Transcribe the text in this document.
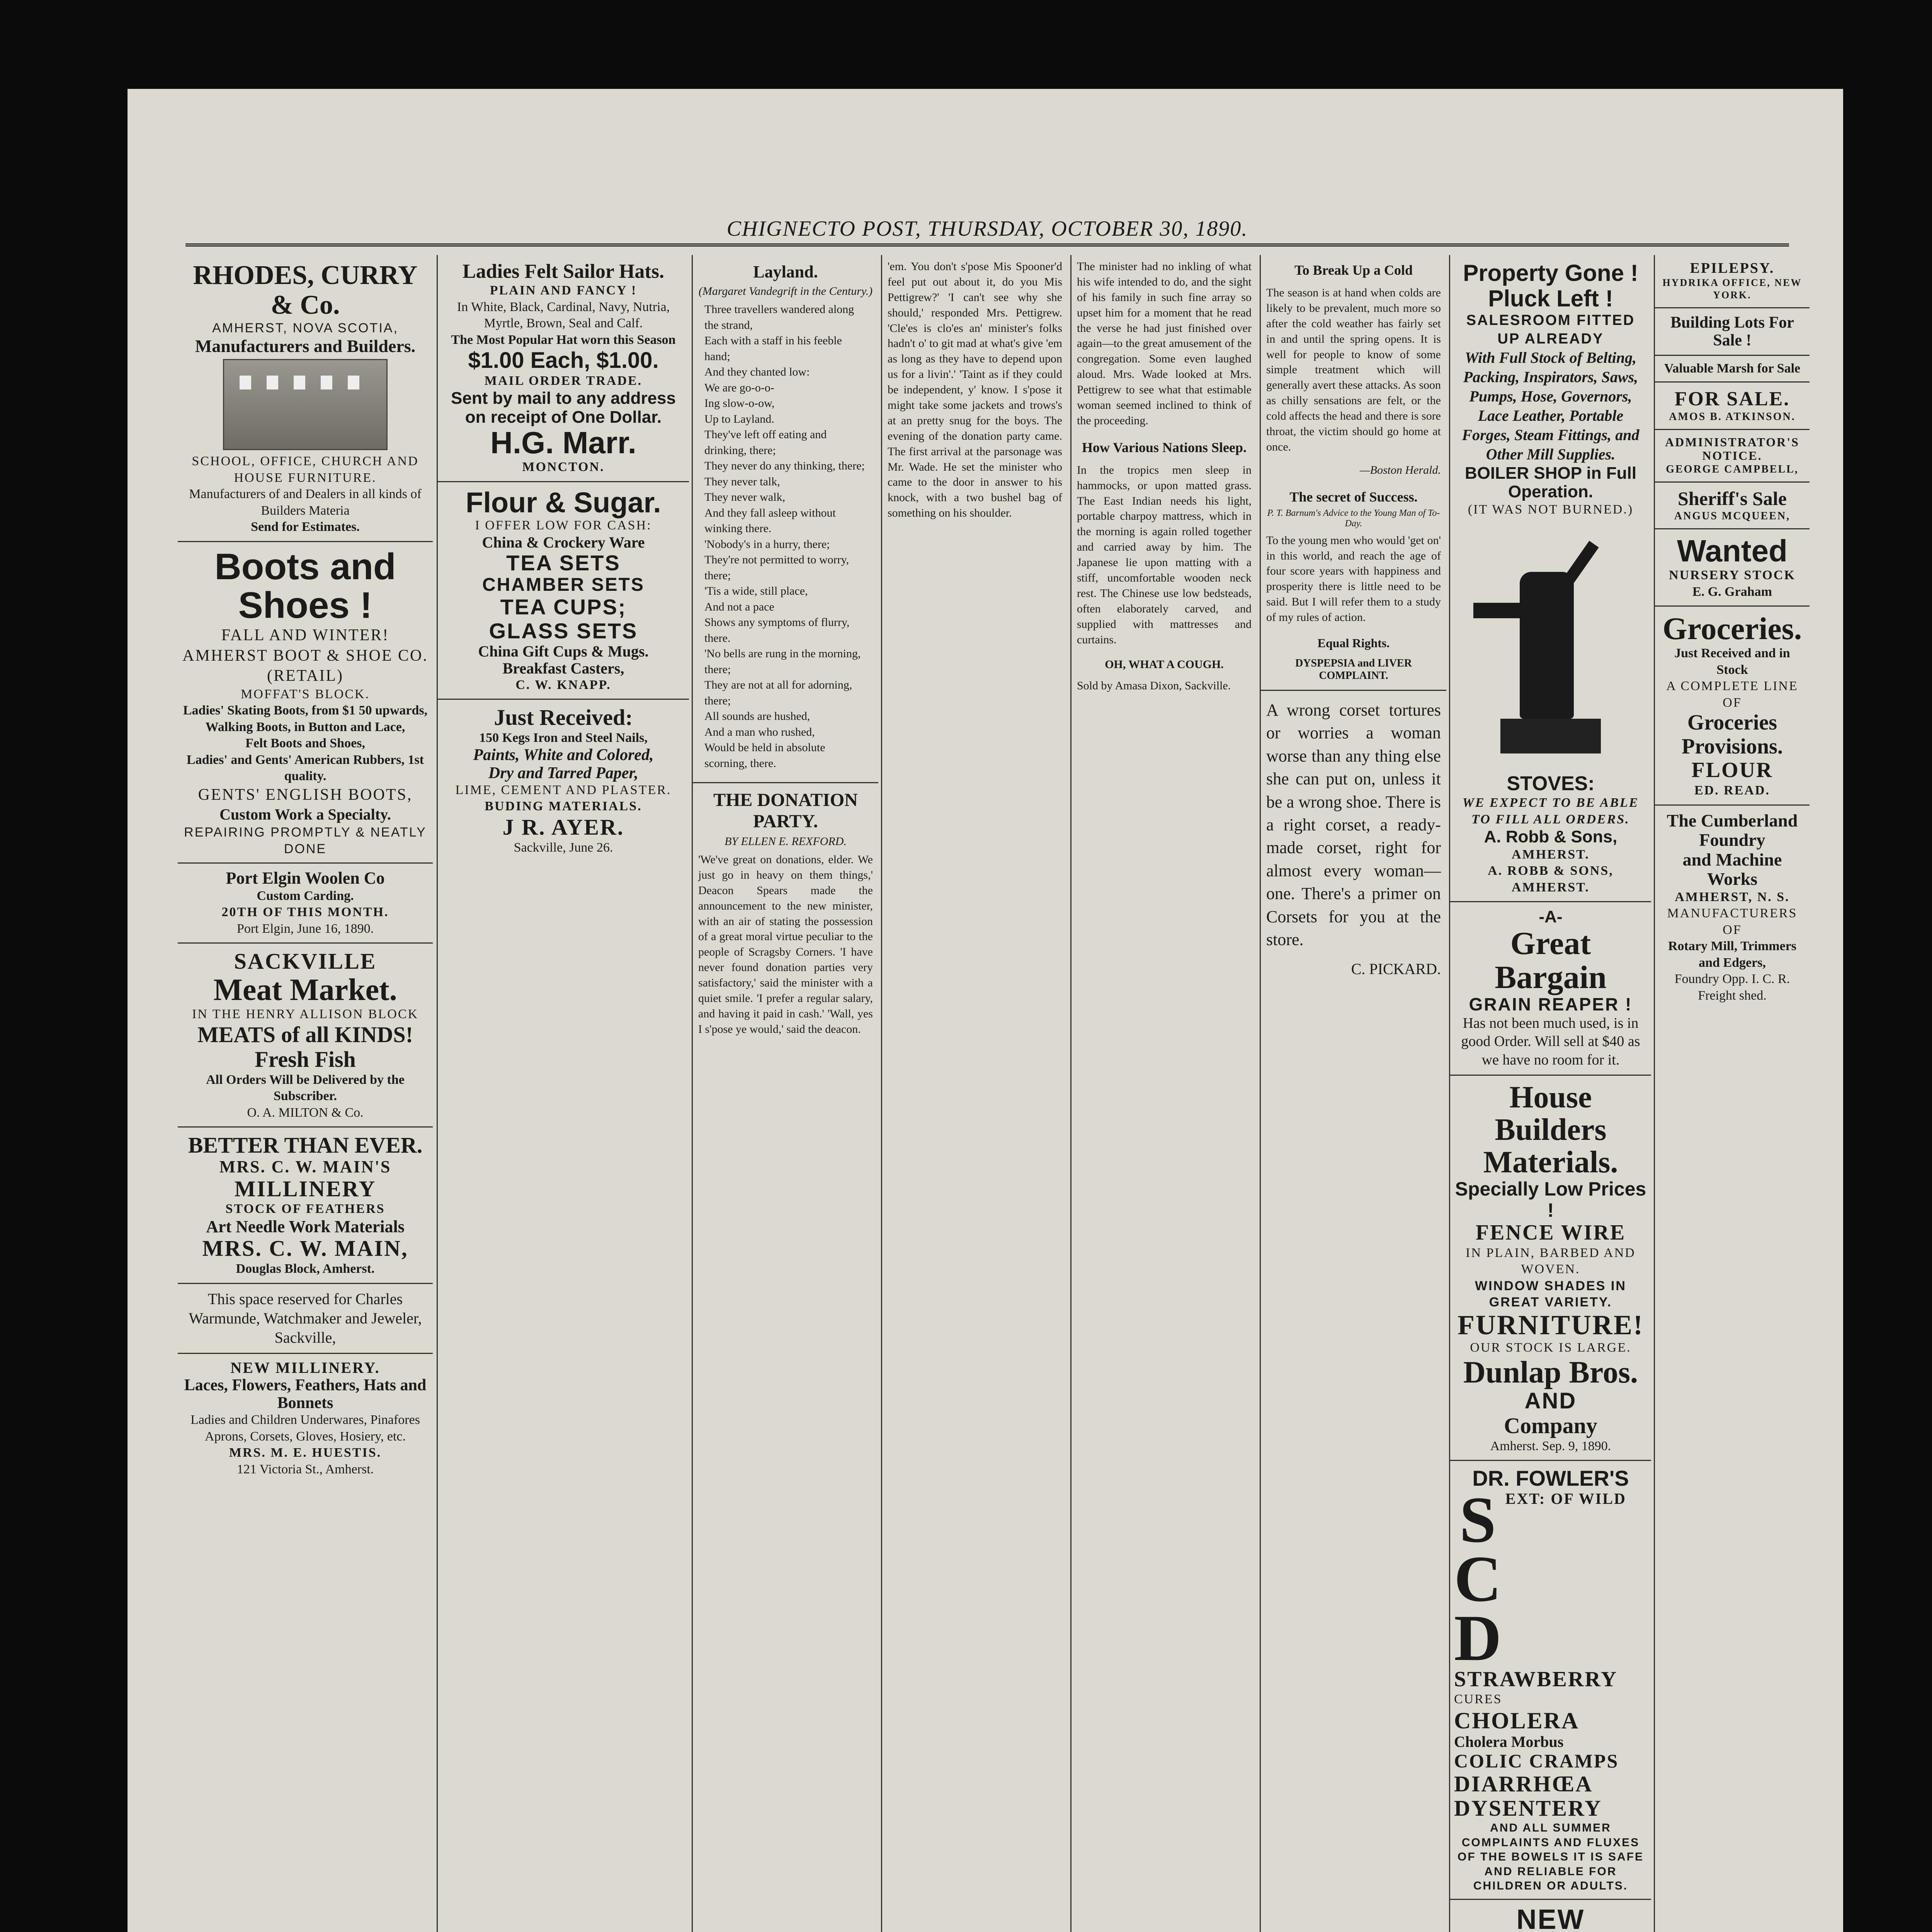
CHIGNECTO POST, THURSDAY, OCTOBER 30, 1890.
RHODES, CURRY & Co.
AMHERST, NOVA SCOTIA,
Manufacturers and Builders.
SCHOOL, OFFICE, CHURCH AND HOUSE FURNITURE.
Manufacturers of and Dealers in all kinds of Builders Materia
Send for Estimates.
Boots and Shoes !
FALL AND WINTER!
AMHERST BOOT & SHOE CO. (RETAIL)
MOFFAT'S BLOCK.
Ladies' Skating Boots, from $1 50 upwards,
Walking Boots, in Button and Lace,
Felt Boots and Shoes,
Ladies' and Gents' American Rubbers, 1st quality.
GENTS' ENGLISH BOOTS,
Custom Work a Specialty.
REPAIRING PROMPTLY & NEATLY DONE
Port Elgin Woolen Co
Custom Carding.
20TH OF THIS MONTH.
Port Elgin, June 16, 1890.
SACKVILLE
Meat Market.
IN THE HENRY ALLISON BLOCK
MEATS of all KINDS!
Fresh Fish
All Orders Will be Delivered by the Subscriber.
O. A. MILTON & Co.
BETTER THAN EVER.
MRS. C. W. MAIN'S
MILLINERY
STOCK OF FEATHERS
Art Needle Work Materials
MRS. C. W. MAIN,
Douglas Block, Amherst.
This space reserved for Charles Warmunde, Watchmaker and Jeweler, Sackville,
NEW MILLINERY.
Laces, Flowers, Feathers, Hats and Bonnets
Ladies and Children Underwares, Pinafores Aprons, Corsets, Gloves, Hosiery, etc.
MRS. M. E. HUESTIS.
121 Victoria St., Amherst.
Ladies Felt Sailor Hats.
PLAIN AND FANCY !
In White, Black, Cardinal, Navy, Nutria, Myrtle, Brown, Seal and Calf.
The Most Popular Hat worn this Season
$1.00 Each, $1.00.
MAIL ORDER TRADE.
Sent by mail to any address on receipt of One Dollar.
H.G. Marr.
MONCTON.
Flour & Sugar.
I OFFER LOW FOR CASH:
China & Crockery Ware
TEA SETS
CHAMBER SETS
TEA CUPS;
GLASS SETS
China Gift Cups & Mugs.
Breakfast Casters,
C. W. KNAPP.
Just Received:
150 Kegs Iron and Steel Nails,
Paints, White and Colored,
Dry and Tarred Paper,
LIME, CEMENT AND PLASTER.
BUDING MATERIALS.
J R. AYER.
Sackville, June 26.
Layland.
(Margaret Vandegrift in the Century.)
Three travellers wandered along the strand,
Each with a staff in his feeble hand;
And they chanted low:
We are go-o-o-
Ing slow-o-ow,
Up to Layland.
They've left off eating and drinking, there;
They never do any thinking, there;
They never talk,
They never walk,
And they fall asleep without winking there.
'Nobody's in a hurry, there;
They're not permitted to worry, there;
'Tis a wide, still place,
And not a pace
Shows any symptoms of flurry, there.
'No bells are rung in the morning, there;
They are not at all for adorning, there;
All sounds are hushed,
And a man who rushed,
Would be held in absolute scorning, there.
THE DONATION PARTY.
BY ELLEN E. REXFORD.
'We've great on donations, elder. We just go in heavy on them things,' Deacon Spears made the announcement to the new minister, with an air of stating the possession of a great moral virtue peculiar to the people of Scragsby Corners. 'I have never found donation parties very satisfactory,' said the minister with a quiet smile. 'I prefer a regular salary, and having it paid in cash.' 'Wall, yes I s'pose ye would,' said the deacon.
'em. You don't s'pose Mis Spooner'd feel put out about it, do you Mis Pettigrew?' 'I can't see why she should,' responded Mrs. Pettigrew. 'Cle'es is clo'es an' minister's folks hadn't o' to git mad at what's give 'em as long as they have to depend upon us for a livin'.' 'Taint as if they could be independent, y' know. I s'pose it might take some jackets and trows's at an pretty snug for the boys. The evening of the donation party came. The first arrival at the parsonage was Mr. Wade. He set the minister who came to the door in answer to his knock, with a two bushel bag of something on his shoulder.
The minister had no inkling of what his wife intended to do, and the sight of his family in such fine array so upset him for a moment that he read the verse he had just finished over again—to the great amusement of the congregation. Some even laughed aloud. Mrs. Wade looked at Mrs. Pettigrew to see what that estimable woman seemed inclined to think of the proceeding.
How Various Nations Sleep.
In the tropics men sleep in hammocks, or upon matted grass. The East Indian needs his light, portable charpoy mattress, which in the morning is again rolled together and carried away by him. The Japanese lie upon matting with a stiff, uncomfortable wooden neck rest. The Chinese use low bedsteads, often elaborately carved, and supplied with mattresses and curtains.
OH, WHAT A COUGH.
Sold by Amasa Dixon, Sackville.
To Break Up a Cold
The season is at hand when colds are likely to be prevalent, much more so after the cold weather has fairly set in and until the spring opens. It is well for people to know of some simple treatment which will generally avert these attacks. As soon as chilly sensations are felt, or the cold affects the head and there is sore throat, the victim should go home at once.
—Boston Herald.
The secret of Success.
P. T. Barnum's Advice to the Young Man of To-Day.
To the young men who would 'get on' in this world, and reach the age of four score years with happiness and prosperity there is little need to be said. But I will refer them to a study of my rules of action.
Equal Rights.
DYSPEPSIA and LIVER COMPLAINT.
A wrong corset tortures or worries a woman worse than any thing else she can put on, unless it be a wrong shoe. There is a right corset, a ready-made corset, right for almost every woman—one. There's a primer on Corsets for you at the store.
C. PICKARD.
Property Gone ! Pluck Left !
SALESROOM FITTED UP ALREADY
With Full Stock of Belting, Packing, Inspirators, Saws, Pumps, Hose, Governors, Lace Leather, Portable Forges, Steam Fittings, and Other Mill Supplies.
BOILER SHOP in Full Operation.
(IT WAS NOT BURNED.)
STOVES:
WE EXPECT TO BE ABLE TO FILL ALL ORDERS.
A. Robb & Sons,
AMHERST.
A. ROBB & SONS, AMHERST.
-A-
Great Bargain
GRAIN REAPER !
Has not been much used, is in good Order. Will sell at $40 as we have no room for it.
House Builders Materials.
Specially Low Prices !
FENCE WIRE
IN PLAIN, BARBED AND WOVEN.
WINDOW SHADES IN GREAT VARIETY.
FURNITURE!
OUR STOCK IS LARGE.
Dunlap Bros.
AND
Company
Amherst. Sep. 9, 1890.
DR. FOWLER'S
S
C
D
EXT: OF WILD
STRAWBERRY
CURES
CHOLERA
Cholera Morbus
COLIC CRAMPS
DIARRHŒA
DYSENTERY
AND ALL SUMMER COMPLAINTS AND FLUXES OF THE BOWELS IT IS SAFE AND RELIABLE FOR CHILDREN OR ADULTS.
NEW
EPILEPSY.
HYDRIKA OFFICE, NEW YORK.
Building Lots For Sale !
Valuable Marsh for Sale
FOR SALE.
AMOS B. ATKINSON.
ADMINISTRATOR'S NOTICE.
GEORGE CAMPBELL,
Sheriff's Sale
ANGUS MCQUEEN,
Wanted
NURSERY STOCK
E. G. Graham
Groceries.
Just Received and in Stock
A COMPLETE LINE OF
Groceries
Provisions.
FLOUR
ED. READ.
The Cumberland Foundry
and Machine Works
AMHERST, N. S.
MANUFACTURERS OF
Rotary Mill, Trimmers and Edgers,
Foundry Opp. I. C. R. Freight shed.
